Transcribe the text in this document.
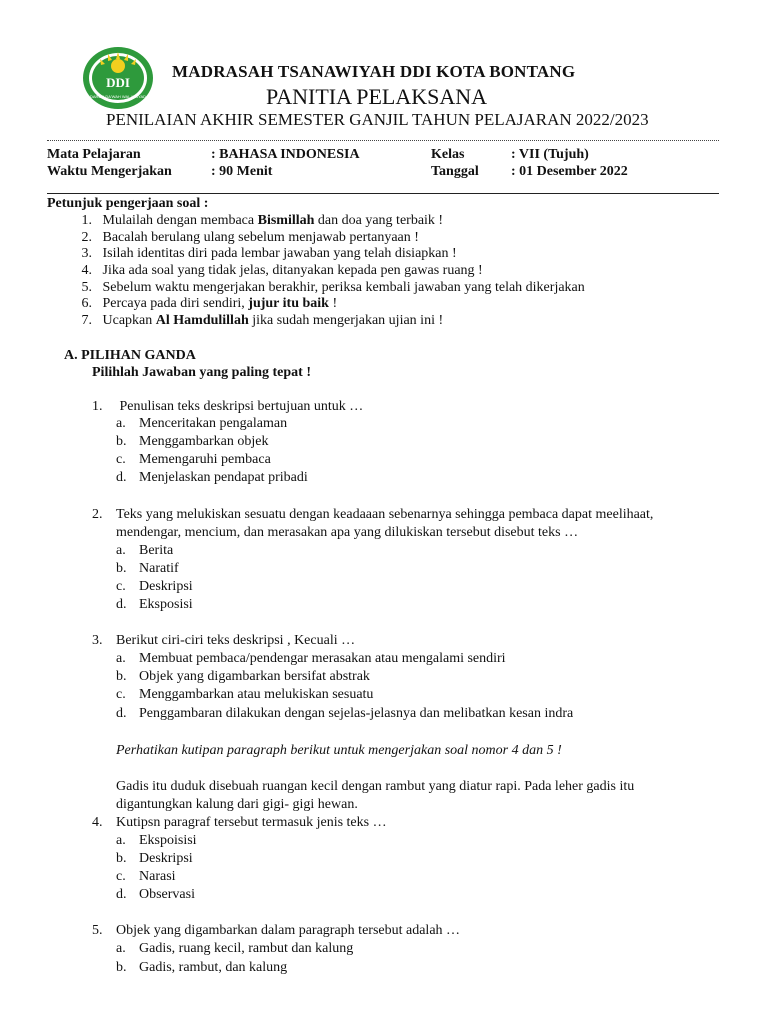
DDI
DARUD DA'WAH WAL IRSYAD
MADRASAH TSANAWIYAH DDI KOTA BONTANG
PANITIA PELAKSANA
PENILAIAN AKHIR SEMESTER GANJIL TAHUN PELAJARAN 2022/2023
Mata Pelajaran	: BAHASA INDONESIA	Kelas	: VII (Tujuh)
Waktu Mengerjakan	: 90 Menit	Tanggal : 01 Desember 2022
Petunjuk pengerjaan soal :
1. Mulailah dengan membaca Bismillah dan doa yang terbaik !
2. Bacalah berulang ulang sebelum menjawab pertanyaan !
3. Isilah identitas diri pada lembar jawaban yang telah disiapkan !
4. Jika ada soal yang tidak jelas, ditanyakan kepada pen gawas ruang !
5. Sebelum waktu mengerjakan berakhir, periksa kembali jawaban yang telah dikerjakan
6. Percaya pada diri sendiri, jujur itu baik !
7. Ucapkan Al Hamdulillah jika sudah mengerjakan ujian ini !
A. PILIHAN GANDA
Pilihlah Jawaban yang paling tepat !
1. Penulisan teks deskripsi bertujuan untuk …
a. Menceritakan pengalaman
b. Menggambarkan objek
c. Memengaruhi pembaca
d. Menjelaskan pendapat pribadi
2. Teks yang melukiskan sesuatu dengan keadaaan sebenarnya sehingga pembaca dapat meelihaat,
mendengar, mencium, dan merasakan apa yang dilukiskan tersebut disebut teks …
a. Berita
b. Naratif
c. Deskripsi
d. Eksposisi
3. Berikut ciri-ciri teks deskripsi , Kecuali …
a. Membuat pembaca/pendengar merasakan atau mengalami sendiri
b. Objek yang digambarkan bersifat abstrak
c. Menggambarkan atau melukiskan sesuatu
d. Penggambaran dilakukan dengan sejelas-jelasnya dan melibatkan kesan indra
Perhatikan kutipan paragraph berikut untuk mengerjakan soal nomor 4 dan 5 !
Gadis itu duduk disebuah ruangan kecil dengan rambut yang diatur rapi. Pada leher gadis itu
digantungkan kalung dari gigi- gigi hewan.
4. Kutipsn paragraf tersebut termasuk jenis teks …
a. Ekspoisisi
b. Deskripsi
c. Narasi
d. Observasi
5. Objek yang digambarkan dalam paragraph tersebut adalah …
a. Gadis, ruang kecil, rambut dan kalung
b. Gadis, rambut, dan kalung
